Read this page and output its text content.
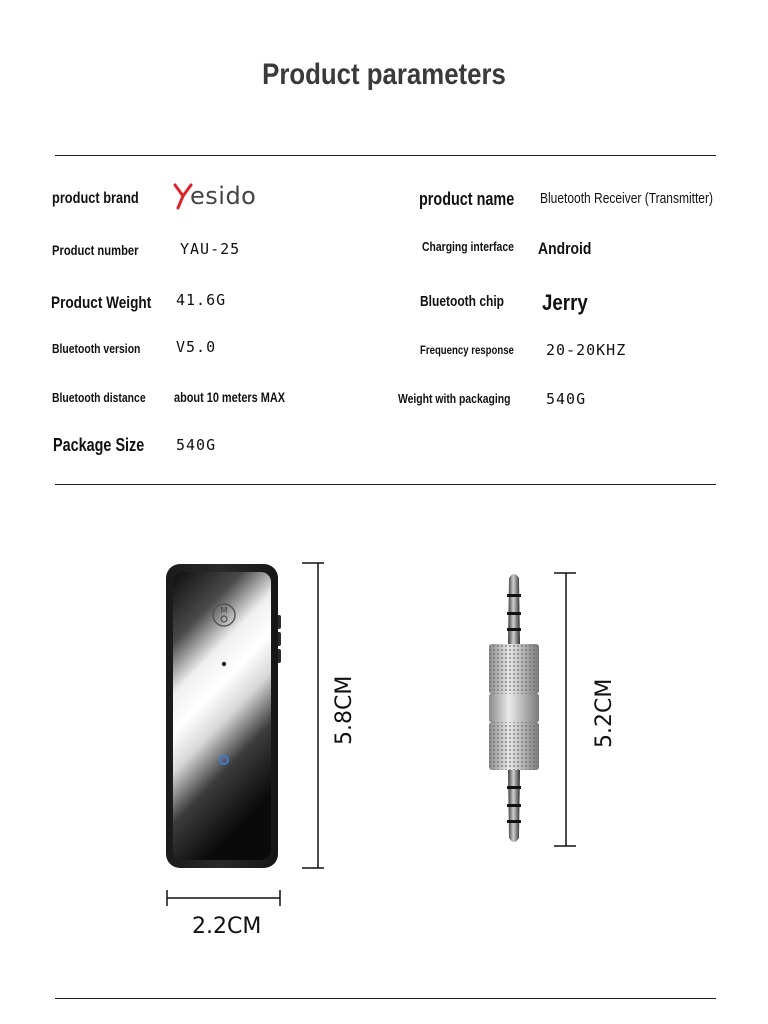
Product parameters
product brand esido	product name Bluetooth Receiver (Transmitter)
Product number	YAU-25	Charging interface Android
Product Weight 41.6G	Bluetooth chip Jerry
Bluetooth version V5.0	Frequency response 20-20KHZ
Bluetooth distance about 10 meters MAX	Weight with packaging 540G
Package Size 540G
M
5.8CM
2.2CM
5.2CM
